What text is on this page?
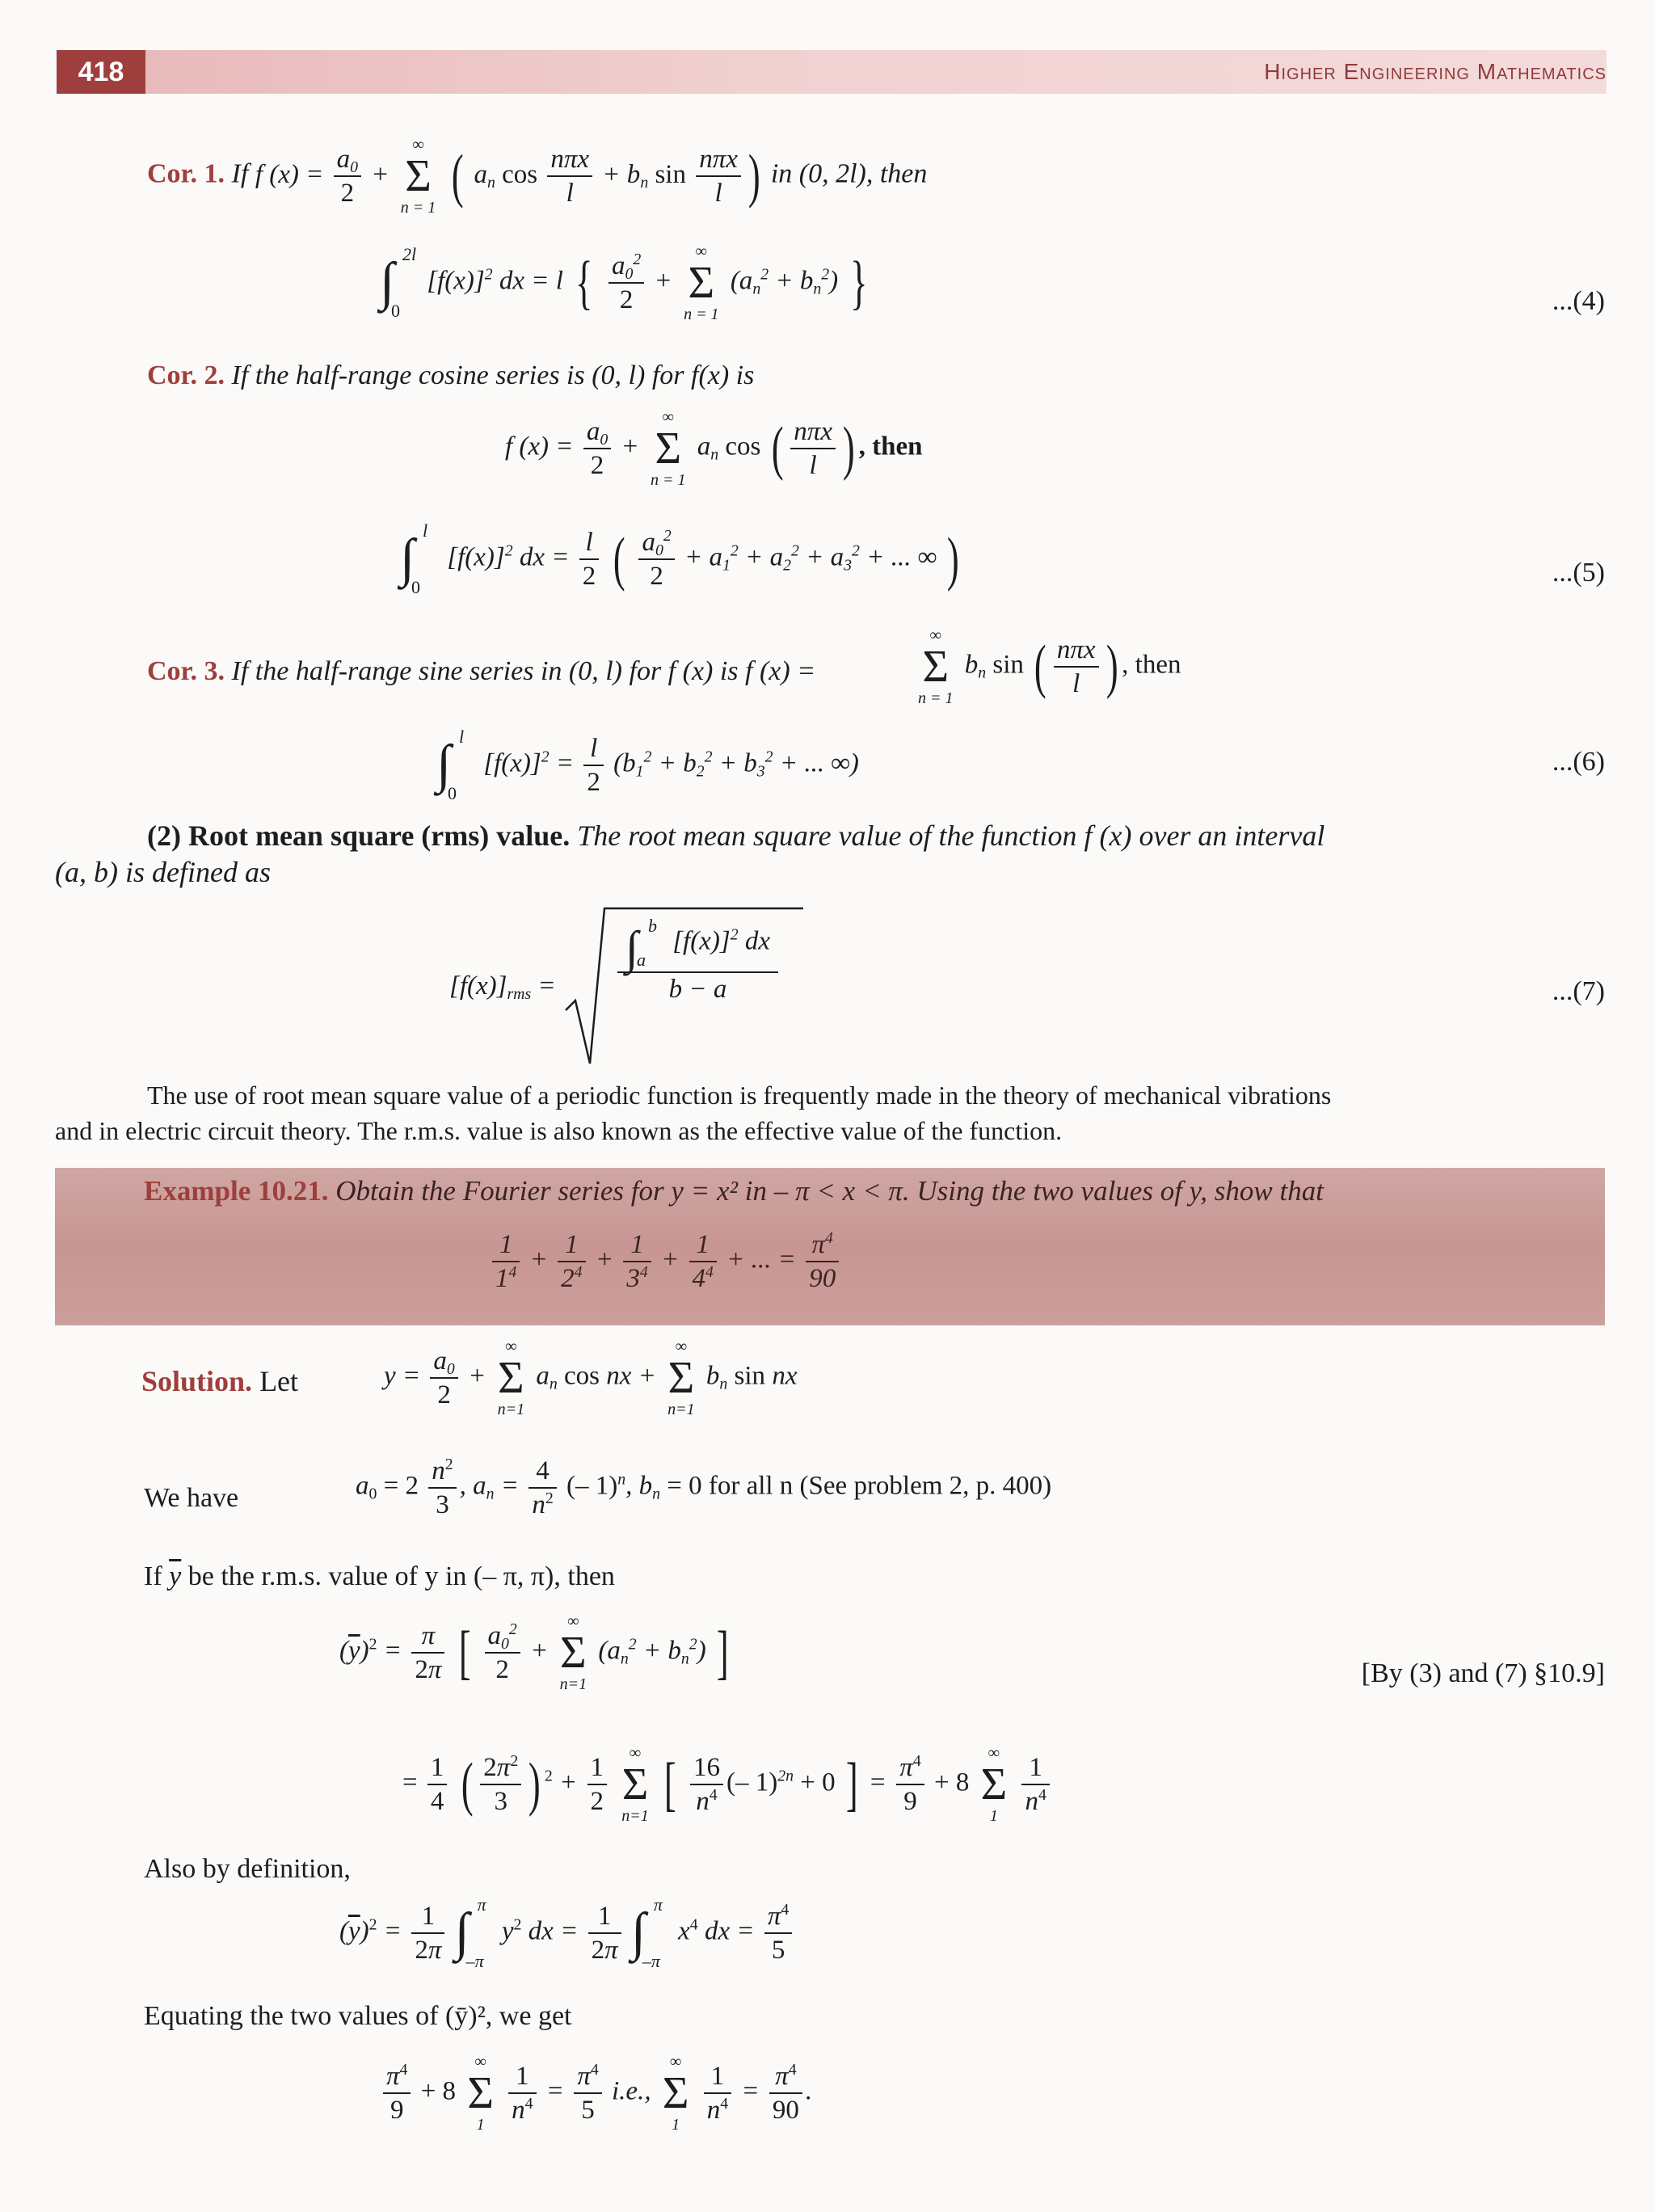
418	Higher Engineering Mathematics
Cor. 1. If f $(x) = \frac{a_0}{2}$ +
∞
Σ
n = 1 ( $a_n$ $\cos \frac{\text{nπx}}{l} + b_n$ $\sin \frac{\text{nπx}}{l}$ ) in (0, 2l), then
∫ 2l
0
$[f(x)]^2$ dx = l { $\frac{a_0^2}{2}$ +
∞
Σ
n = 1
$(a_n^2 + b_n^2)$ }	...(4)
Cor. 2. If the half-range cosine series is (0, l) for f(x) is
f $(x) = \frac{a_0}{2}$ +
∞
Σ
n = 1
$a_n$ cos ( $\frac{\text{nπx}}{l}$ ) , then
∫ l
0
$[f(x)]^2$ dx = $\frac{l}{2}$ ( $\frac{a_0^2}{2} + a_1^2 + a_2^2 + a_3^2$ + ... ∞ )	...(5)
Cor. 3. If the half-range sine series in (0, l) for f (x) is f (x) =
∞
Σ
n = 1
$b_n$ sin ( $\frac{\text{nπx}}{l}$ ) , then
∫ l
0
$[f(x)]^2 = \frac{l}{2} (b_1^2 + b_2^2 + b_3^2$ + ... ∞)	...(6)
(2) Root mean square (rms) value. The root mean square value of the function f (x) over an interval
(a, b) is defined as
$[f(x)]_{rms}$ = ∫ b
a
$[f(x)]^2$ dx
b − a	...(7)
The use of root mean square value of a periodic function is frequently made in the theory of mechanical vibrations
and in electric circuit theory. The r.m.s. value is also known as the effective value of the function.
Example 10.21. Obtain the Fourier series for y = x² in – π < x < π. Using the two values of y, show that
$\frac{1}{1^4} + \frac{1}{2^4} + \frac{1}{3^4} + \frac{1}{4^4}$ + ... = $\frac{\pi^4}{90}$
Solution. Let	$y = \frac{a_0}{2}$ +
∞
Σ
n=1
$a_n$ cos nx +
∞
Σ
n=1
$b_n$ sin nx
We have	$a_0 = 2 \frac{n^2}{3}$ , $a_n = \frac{4}{n^2}$ (– 1)$^n$, $b_n = 0$ for all n (See problem 2, p. 400)
If $\overline{y}$ be the r.m.s. value of y in (– π, π), then
$(\overline{y})^2 = \frac{\pi}{2\pi}$ [ $\frac{a_0^2}{2}$ +
∞
Σ
n=1
$(a_n^2 + b_n^2)$ ]	[By (3) and (7) §10.9]
= $\frac{1}{4}$ ( $\frac{2\pi^2}{3}$ ) $^2 + \frac{1}{2}$
	∞
Σ
n=1 [ $\frac{16}{n^4}$ (– 1)$^{2n}$ + 0 ] = $\frac{\pi^4}{9} + 8$
∞
Σ
1
$\frac{1}{n^4}$
Also by definition,
$(\overline{y})^2 = \frac{1}{2\pi}$
∫ π
–π
$y^2$ dx = $\frac{1}{2\pi}$
∫ π
–π
$x^4$ dx = $\frac{\pi^4}{5}$
Equating the two values of (ȳ)², we get
$\frac{\pi^4}{9} + 8$
∞
Σ
1
$\frac{1}{n^4} = \frac{\pi^4}{5} i.e$.,
∞
Σ
1
$\frac{1}{n^4} = \frac{\pi^4}{90}$ .
